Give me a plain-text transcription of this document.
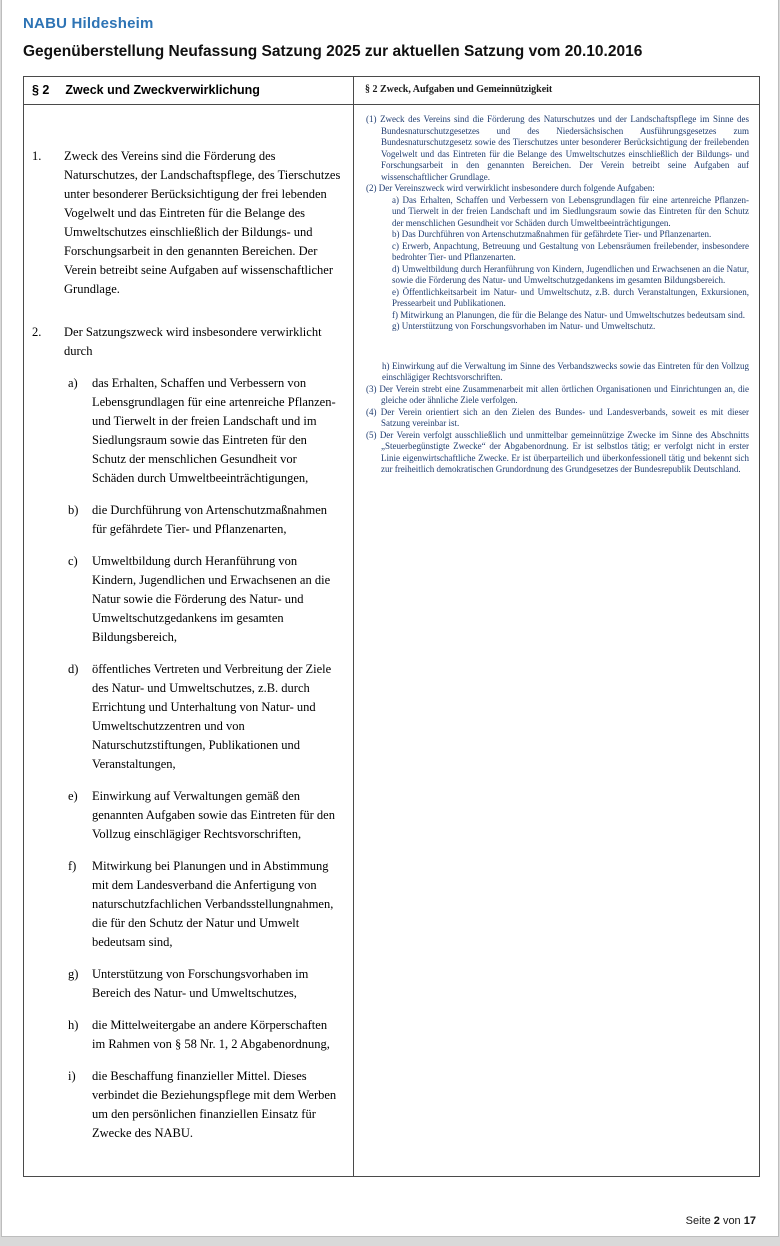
NABU Hildesheim
Gegenüberstellung Neufassung Satzung 2025 zur aktuellen Satzung vom 20.10.2016
§ 2 Zweck und Zweckverwirklichung	§ 2 Zweck, Aufgaben und Gemeinnützigkeit
1. Zweck des Vereins sind die Förderung des Naturschutzes, der Landschaftspflege, des Tierschutzes unter besonderer Berücksichtigung der frei lebenden Vogelwelt und das Eintreten für die Belange des Umweltschutzes einschließlich der Bildungs- und Forschungsarbeit in den genannten Bereichen. Der Verein betreibt seine Aufgaben auf wissenschaftlicher Grundlage.
2. Der Satzungszweck wird insbesondere verwirklicht durch
a) das Erhalten, Schaffen und Verbessern von Lebensgrundlagen für eine artenreiche Pflanzen- und Tierwelt in der freien Landschaft und im Siedlungsraum sowie das Eintreten für den Schutz der menschlichen Gesundheit vor Schäden durch Umweltbeeinträchtigungen,
b) die Durchführung von Artenschutzmaßnahmen für gefährdete Tier- und Pflanzenarten,
c) Umweltbildung durch Heranführung von Kindern, Jugendlichen und Erwachsenen an die Natur sowie die Förderung des Natur- und Umweltschutzgedankens im gesamten Bildungsbereich,
d) öffentliches Vertreten und Verbreitung der Ziele des Natur- und Umweltschutzes, z.B. durch Errichtung und Unterhaltung von Natur- und Umweltschutzzentren und von Naturschutzstiftungen, Publikationen und Veranstaltungen,
e) Einwirkung auf Verwaltungen gemäß den genannten Aufgaben sowie das Eintreten für den Vollzug einschlägiger Rechtsvorschriften,
f) Mitwirkung bei Planungen und in Abstimmung mit dem Landesverband die Anfertigung von naturschutzfachlichen Verbandsstellungnahmen, die für den Schutz der Natur und Umwelt bedeutsam sind,
g) Unterstützung von Forschungsvorhaben im Bereich des Natur- und Umweltschutzes,
h) die Mittelweitergabe an andere Körperschaften im Rahmen von § 58 Nr. 1, 2 Abgabenordnung,
i) die Beschaffung finanzieller Mittel. Dieses verbindet die Beziehungspflege mit dem Werben um den persönlichen finanziellen Einsatz für Zwecke des NABU.
(1) Zweck des Vereins sind die Förderung des Naturschutzes und der Landschaftspflege im Sinne des Bundesnaturschutzgesetzes und des Niedersächsischen Ausführungsgesetzes zum Bundesnaturschutzgesetz sowie des Tierschutzes unter besonderer Berücksichtigung der freilebenden Vogelwelt und das Eintreten für die Belange des Umweltschutzes einschließlich der Bildungs- und Forschungsarbeit in den genannten Bereichen. Der Verein betreibt seine Aufgaben auf wissenschaftlicher Grundlage.
(2) Der Vereinszweck wird verwirklicht insbesondere durch folgende Aufgaben:
a) Das Erhalten, Schaffen und Verbessern von Lebensgrundlagen für eine artenreiche Pflanzen- und Tierwelt in der freien Landschaft und im Siedlungsraum sowie das Eintreten für den Schutz der menschlichen Gesundheit vor Schäden durch Umweltbeeinträchtigungen.
b) Das Durchführen von Artenschutzmaßnahmen für gefährdete Tier- und Pflanzenarten.
c) Erwerb, Anpachtung, Betreuung und Gestaltung von Lebensräumen freilebender, insbesondere bedrohter Tier- und Pflanzenarten.
d) Umweltbildung durch Heranführung von Kindern, Jugendlichen und Erwachsenen an die Natur, sowie die Förderung des Natur- und Umweltschutzgedankens im gesamten Bildungsbereich.
e) Öffentlichkeitsarbeit im Natur- und Umweltschutz, z.B. durch Veranstaltungen, Exkursionen, Pressearbeit und Publikationen.
f) Mitwirkung an Planungen, die für die Belange des Natur- und Umweltschutzes bedeutsam sind.
g) Unterstützung von Forschungsvorhaben im Natur- und Umweltschutz.
h) Einwirkung auf die Verwaltung im Sinne des Verbandszwecks sowie das Eintreten für den Vollzug einschlägiger Rechtsvorschriften.
(3) Der Verein strebt eine Zusammenarbeit mit allen örtlichen Organisationen und Einrichtungen an, die gleiche oder ähnliche Ziele verfolgen.
(4) Der Verein orientiert sich an den Zielen des Bundes- und Landesverbands, soweit es mit dieser Satzung vereinbar ist.
(5) Der Verein verfolgt ausschließlich und unmittelbar gemeinnützige Zwecke im Sinne des Abschnitts „Steuerbegünstigte Zwecke“ der Abgabenordnung. Er ist selbstlos tätig; er verfolgt nicht in erster Linie eigenwirtschaftliche Zwecke. Er ist überparteilich und überkonfessionell tätig und bekennt sich zur freiheitlich demokratischen Grundordnung des Grundgesetzes der Bundesrepublik Deutschland.
Seite 2 von 17
